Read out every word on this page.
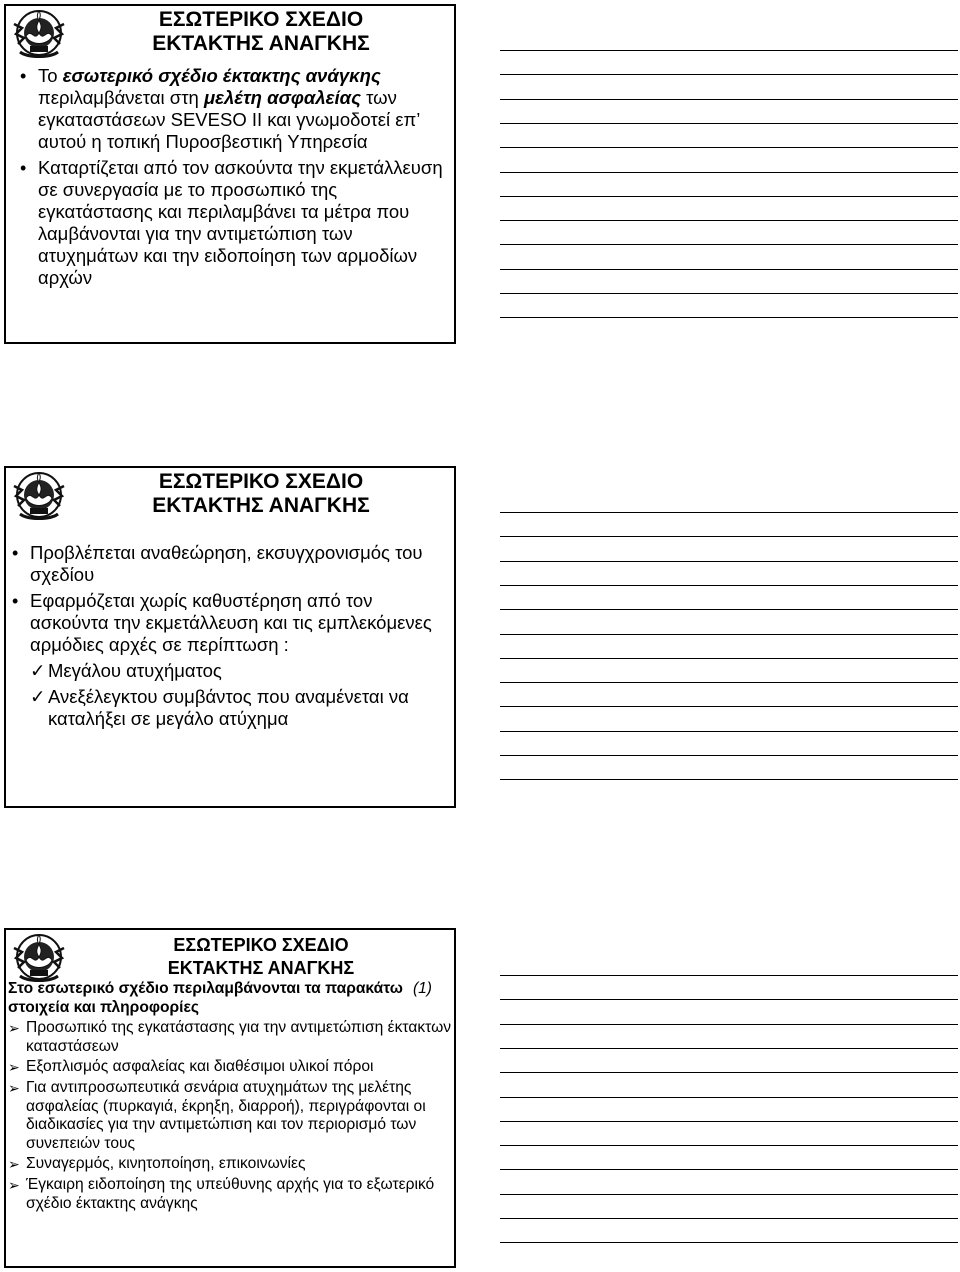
ΕΣΩΤΕΡΙΚΟ ΣΧΕΔΙΟ
ΕΚΤΑΚΤΗΣ ΑΝΑΓΚΗΣ
• Το εσωτερικό σχέδιο έκτακτης ανάγκης περιλαμβάνεται στη μελέτη ασφαλείας των εγκαταστάσεων SEVESO II και γνωμοδοτεί επ’ αυτού η τοπική Πυροσβεστική Υπηρεσία
• Καταρτίζεται από τον ασκούντα την εκμετάλλευση σε συνεργασία με το προσωπικό της εγκατάστασης και περιλαμβάνει τα μέτρα που λαμβάνονται για την αντιμετώπιση των ατυχημάτων και την ειδοποίηση των αρμοδίων αρχών
ΕΣΩΤΕΡΙΚΟ ΣΧΕΔΙΟ
ΕΚΤΑΚΤΗΣ ΑΝΑΓΚΗΣ
• Προβλέπεται αναθεώρηση, εκσυγχρονισμός του σχεδίου
• Εφαρμόζεται χωρίς καθυστέρηση από τον ασκούντα την εκμετάλλευση και τις εμπλεκόμενες αρμόδιες αρχές σε περίπτωση :
✓ Μεγάλου ατυχήματος
✓ Ανεξέλεγκτου συμβάντος που αναμένεται να καταλήξει σε μεγάλο ατύχημα
ΕΣΩΤΕΡΙΚΟ ΣΧΕΔΙΟ
ΕΚΤΑΚΤΗΣ ΑΝΑΓΚΗΣ
(1)
Στο εσωτερικό σχέδιο περιλαμβάνονται τα παρακάτω στοιχεία και πληροφορίες
➢ Προσωπικό της εγκατάστασης για την αντιμετώπιση έκτακτων καταστάσεων
➢ Εξοπλισμός ασφαλείας και διαθέσιμοι υλικοί πόροι
➢ Για αντιπροσωπευτικά σενάρια ατυχημάτων της μελέτης ασφαλείας (πυρκαγιά, έκρηξη, διαρροή), περιγράφονται οι διαδικασίες για την αντιμετώπιση και τον περιορισμό των συνεπειών τους
➢ Συναγερμός, κινητοποίηση, επικοινωνίες
➢ Έγκαιρη ειδοποίηση της υπεύθυνης αρχής για το εξωτερικό σχέδιο έκτακτης ανάγκης
